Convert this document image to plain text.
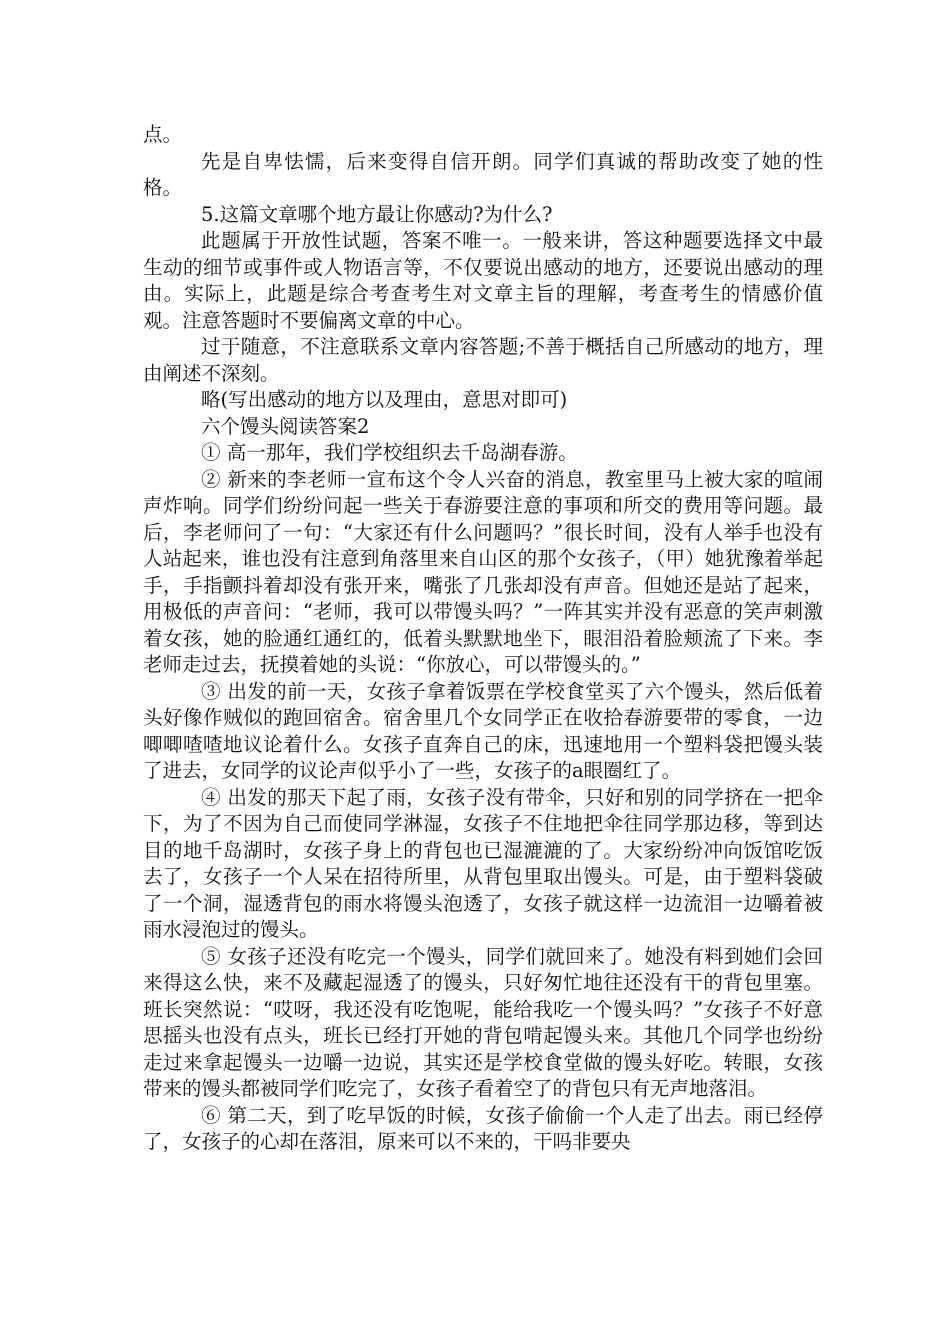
点。

先是自卑怯懦，后来变得自信开朗。同学们真诚的帮助改变了她的性格。

5.这篇文章哪个地方最让你感动?为什么?

此题属于开放性试题，答案不唯一。一般来讲，答这种题要选择文中最生动的细节或事件或人物语言等，不仅要说出感动的地方，还要说出感动的理由。实际上，此题是综合考查考生对文章主旨的理解，考查考生的情感价值观。注意答题时不要偏离文章的中心。

过于随意，不注意联系文章内容答题;不善于概括自己所感动的地方，理由阐述不深刻。

略(写出感动的地方以及理由，意思对即可)

六个馒头阅读答案2

① 高一那年，我们学校组织去千岛湖春游。

② 新来的李老师一宣布这个令人兴奋的消息，教室里马上被大家的喧闹声炸响。同学们纷纷问起一些关于春游要注意的事项和所交的费用等问题。最后，李老师问了一句：“大家还有什么问题吗？”很长时间，没有人举手也没有人站起来，谁也没有注意到角落里来自山区的那个女孩子，（甲）她犹豫着举起手，手指颤抖着却没有张开来，嘴张了几张却没有声音。但她还是站了起来，用极低的声音问：“老师，我可以带馒头吗？”一阵其实并没有恶意的笑声刺激着女孩，她的脸通红通红的，低着头默默地坐下，眼泪沿着脸颊流了下来。李老师走过去，抚摸着她的头说：“你放心，可以带馒头的。”

③ 出发的前一天，女孩子拿着饭票在学校食堂买了六个馒头，然后低着头好像作贼似的跑回宿舍。宿舍里几个女同学正在收拾春游要带的零食，一边唧唧喳喳地议论着什么。女孩子直奔自己的床，迅速地用一个塑料袋把馒头装了进去，女同学的议论声似乎小了一些，女孩子的a眼圈红了。

④ 出发的那天下起了雨，女孩子没有带伞，只好和别的同学挤在一把伞下，为了不因为自己而使同学淋湿，女孩子不住地把伞往同学那边移，等到达目的地千岛湖时，女孩子身上的背包也已湿漉漉的了。大家纷纷冲向饭馆吃饭去了，女孩子一个人呆在招待所里，从背包里取出馒头。可是，由于塑料袋破了一个洞，湿透背包的雨水将馒头泡透了，女孩子就这样一边流泪一边嚼着被雨水浸泡过的馒头。

⑤ 女孩子还没有吃完一个馒头，同学们就回来了。她没有料到她们会回来得这么快，来不及藏起湿透了的馒头，只好匆忙地往还没有干的背包里塞。班长突然说：“哎呀，我还没有吃饱呢，能给我吃一个馒头吗？”女孩子不好意思摇头也没有点头，班长已经打开她的背包啃起馒头来。其他几个同学也纷纷走过来拿起馒头一边嚼一边说，其实还是学校食堂做的馒头好吃。转眼，女孩带来的馒头都被同学们吃完了，女孩子看着空了的背包只有无声地落泪。

⑥ 第二天，到了吃早饭的时候，女孩子偷偷一个人走了出去。雨已经停了，女孩子的心却在落泪，原来可以不来的，干吗非要央
